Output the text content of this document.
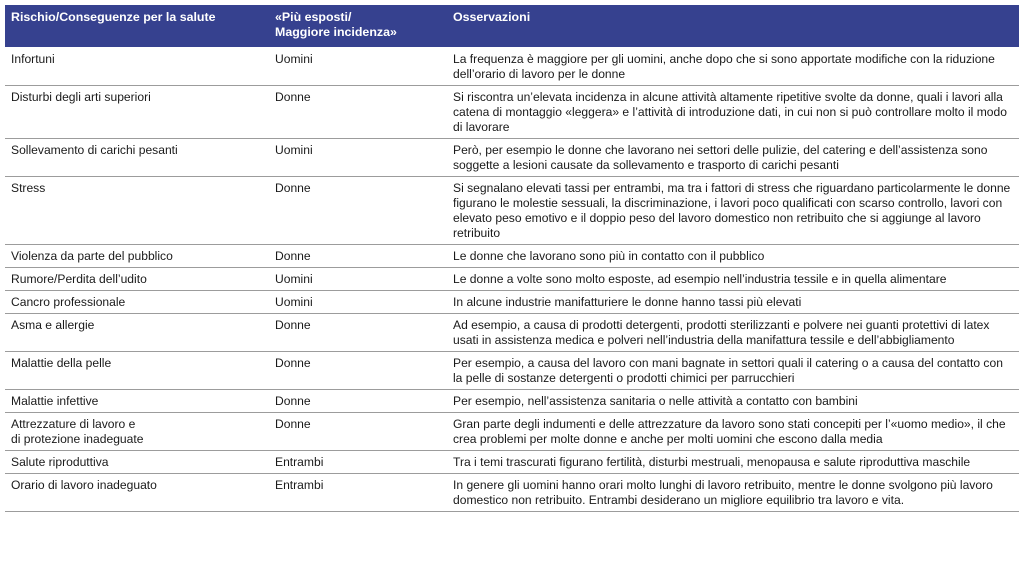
Rischio/Conseguenze per la salute	«Più esposti/
Maggiore incidenza»	Osservazioni
Infortuni	Uomini	La frequenza è maggiore per gli uomini, anche dopo che si sono apportate modifiche con la riduzione dell’orario di lavoro per le donne
Disturbi degli arti superiori	Donne	Si riscontra un’elevata incidenza in alcune attività altamente ripetitive svolte da donne, quali i lavori alla catena di montaggio «leggera» e l’attività di introduzione dati, in cui non si può controllare molto il modo di lavorare
Sollevamento di carichi pesanti	Uomini	Però, per esempio le donne che lavorano nei settori delle pulizie, del catering e dell’assistenza sono soggette a lesioni causate da sollevamento e trasporto di carichi pesanti
Stress	Donne	Si segnalano elevati tassi per entrambi, ma tra i fattori di stress che riguardano particolarmente le donne figurano le molestie sessuali, la discriminazione, i lavori poco qualificati con scarso controllo, lavori con elevato peso emotivo e il doppio peso del lavoro domestico non retribuito che si aggiunge al lavoro retribuito
Violenza da parte del pubblico	Donne	Le donne che lavorano sono più in contatto con il pubblico
Rumore/Perdita dell’udito	Uomini	Le donne a volte sono molto esposte, ad esempio nell’industria tessile e in quella alimentare
Cancro professionale	Uomini	In alcune industrie manifatturiere le donne hanno tassi più elevati
Asma e allergie	Donne	Ad esempio, a causa di prodotti detergenti, prodotti sterilizzanti e polvere nei guanti protettivi di latex usati in assistenza medica e polveri nell’industria della manifattura tessile e dell’abbigliamento
Malattie della pelle	Donne	Per esempio, a causa del lavoro con mani bagnate in settori quali il catering o a causa del contatto con la pelle di sostanze detergenti o prodotti chimici per parrucchieri
Malattie infettive	Donne	Per esempio, nell’assistenza sanitaria o nelle attività a contatto con bambini
Attrezzature di lavoro e
di protezione inadeguate	Donne	Gran parte degli indumenti e delle attrezzature da lavoro sono stati concepiti per l’«uomo medio», il che crea problemi per molte donne e anche per molti uomini che escono dalla media
Salute riproduttiva	Entrambi	Tra i temi trascurati figurano fertilità, disturbi mestruali, menopausa e salute riproduttiva maschile
Orario di lavoro inadeguato	Entrambi	In genere gli uomini hanno orari molto lunghi di lavoro retribuito, mentre le donne svolgono più lavoro domestico non retribuito. Entrambi desiderano un migliore equilibrio tra lavoro e vita.
